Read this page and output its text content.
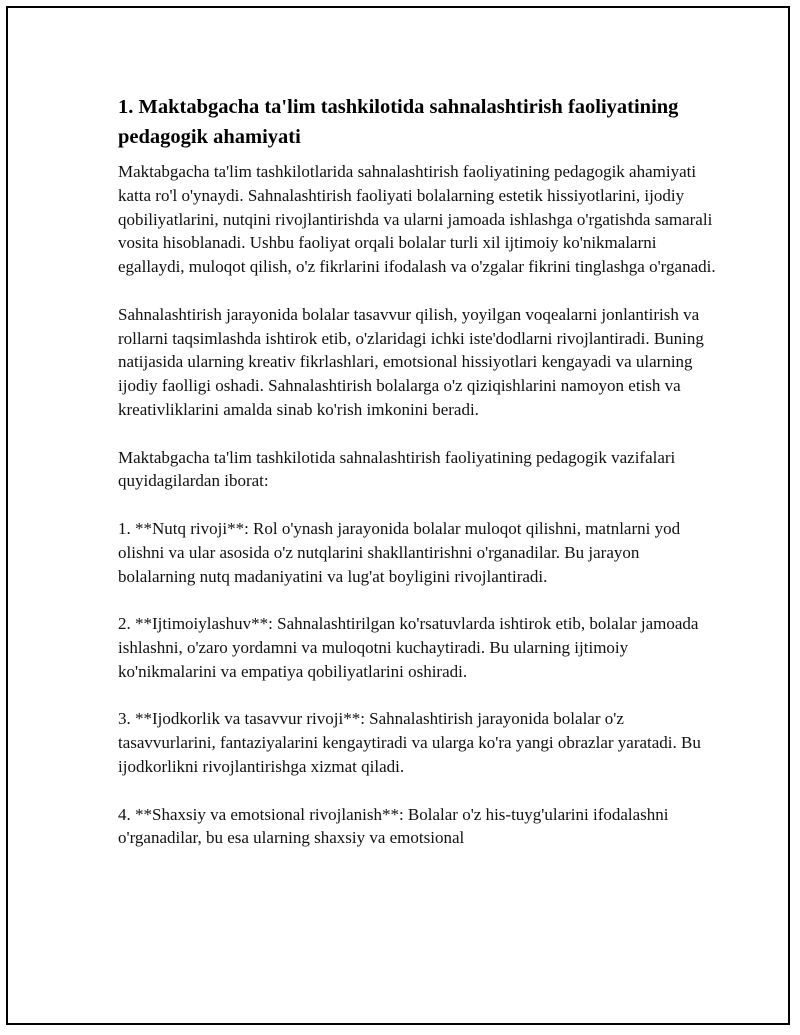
1. Maktabgacha ta'lim tashkilotida sahnalashtirish faoliyatining pedagogik ahamiyati

Maktabgacha ta'lim tashkilotlarida sahnalashtirish faoliyatining pedagogik ahamiyati katta ro'l o'ynaydi. Sahnalashtirish faoliyati bolalarning estetik hissiyotlarini, ijodiy qobiliyatlarini, nutqini rivojlantirishda va ularni jamoada ishlashga o'rgatishda samarali vosita hisoblanadi. Ushbu faoliyat orqali bolalar turli xil ijtimoiy ko'nikmalarni egallaydi, muloqot qilish, o'z fikrlarini ifodalash va o'zgalar fikrini tinglashga o'rganadi.

Sahnalashtirish jarayonida bolalar tasavvur qilish, yoyilgan voqealarni jonlantirish va rollarni taqsimlashda ishtirok etib, o'zlaridagi ichki iste'dodlarni rivojlantiradi. Buning natijasida ularning kreativ fikrlashlari, emotsional hissiyotlari kengayadi va ularning ijodiy faolligi oshadi. Sahnalashtirish bolalarga o'z qiziqishlarini namoyon etish va kreativliklarini amalda sinab ko'rish imkonini beradi.

Maktabgacha ta'lim tashkilotida sahnalashtirish faoliyatining pedagogik vazifalari quyidagilardan iborat:

1. **Nutq rivoji**: Rol o'ynash jarayonida bolalar muloqot qilishni, matnlarni yod olishni va ular asosida o'z nutqlarini shakllantirishni o'rganadilar. Bu jarayon bolalarning nutq madaniyatini va lug'at boyligini rivojlantiradi.

2. **Ijtimoiylashuv**: Sahnalashtirilgan ko'rsatuvlarda ishtirok etib, bolalar jamoada ishlashni, o'zaro yordamni va muloqotni kuchaytiradi. Bu ularning ijtimoiy ko'nikmalarini va empatiya qobiliyatlarini oshiradi.

3. **Ijodkorlik va tasavvur rivoji**: Sahnalashtirish jarayonida bolalar o'z tasavvurlarini, fantaziyalarini kengaytiradi va ularga ko'ra yangi obrazlar yaratadi. Bu ijodkorlikni rivojlantirishga xizmat qiladi.

4. **Shaxsiy va emotsional rivojlanish**: Bolalar o'z his-tuyg'ularini ifodalashni o'rganadilar, bu esa ularning shaxsiy va emotsional
